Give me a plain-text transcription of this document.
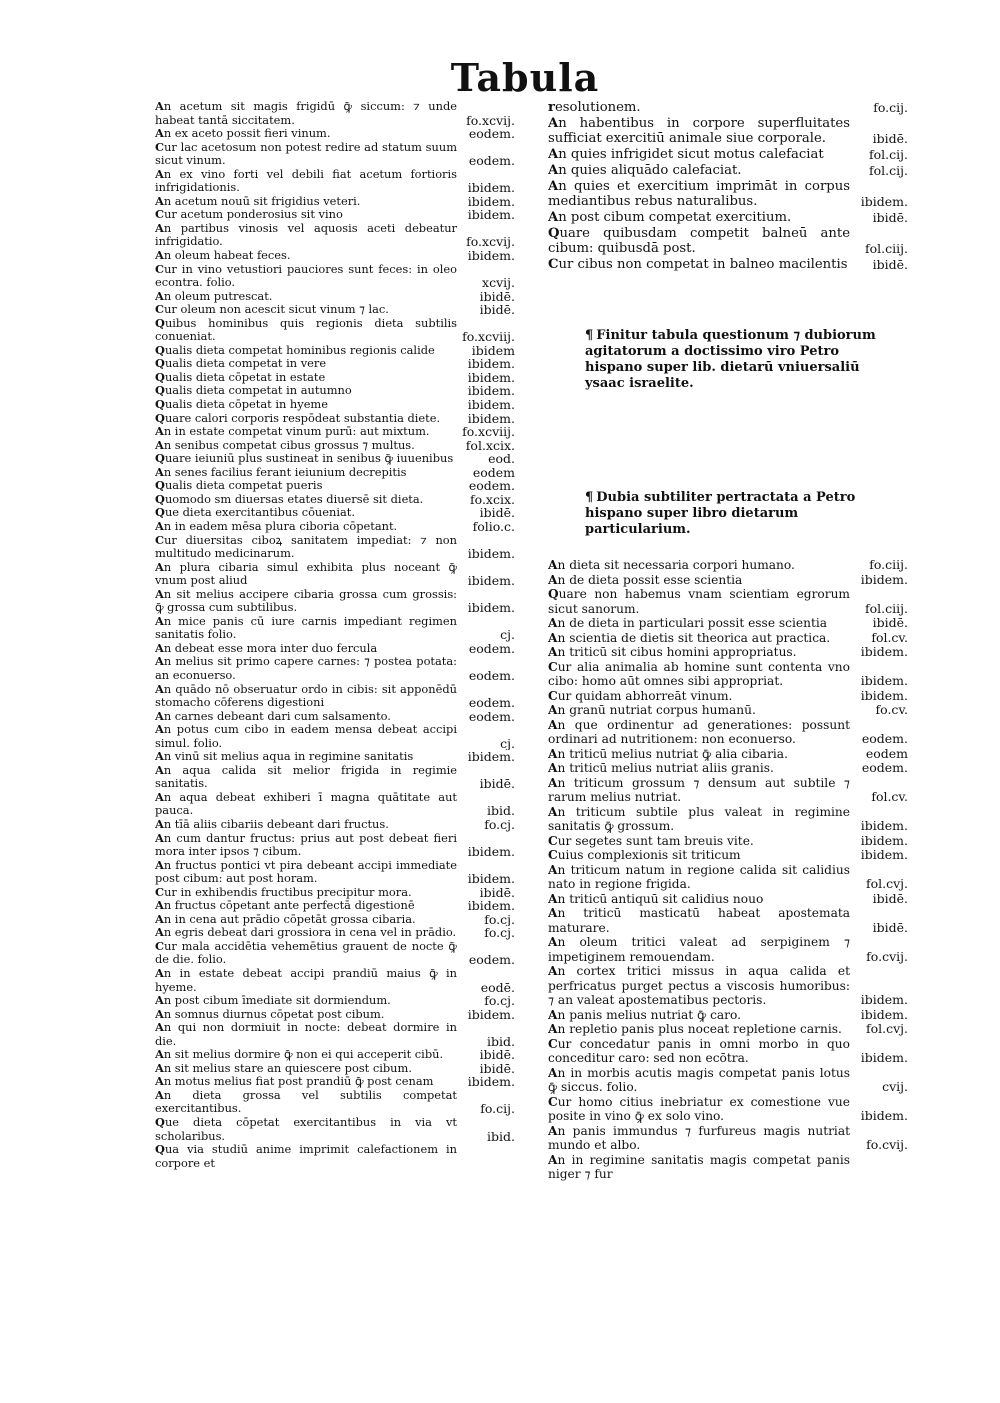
Tabula
An acetum sit magis frigidū ꝙ̄ siccum: ⁊ unde habeat tantā siccitatem.	fo.xcvij.
An ex aceto possit fieri vinum.	eodem.
Cur lac acetosum non potest redire ad statum suum sicut vinum.	eodem.
An ex vino forti vel debili fiat acetum fortioris infrigidationis.	ibidem.
An acetum nouū sit frigidius veteri.	ibidem.
Cur acetum ponderosius sit vino	ibidem.
An partibus vinosis vel aquosis aceti debeatur infrigidatio.	fo.xcvij.
An oleum habeat feces.	ibidem.
Cur in vino vetustiori pauciores sunt feces: in oleo econtra. folio.	xcvij.
An oleum putrescat.	ibidē.
Cur oleum non acescit sicut vinum ⁊ lac.	ibidē.
Quibus hominibus quis regionis dieta subtilis conueniat.	fo.xcviij.
Qualis dieta competat hominibus regionis calide	ibidem
Qualis dieta competat in vere	ibidem.
Qualis dieta cōpetat in estate	ibidem.
Qualis dieta competat in autumno	ibidem.
Qualis dieta cōpetat in hyeme	ibidem.
Quare calori corporis respōdeat substantia diete.	ibidem.
An in estate competat vinum purū: aut mixtum.	fo.xcviij.
An senibus competat cibus grossus ⁊ multus.	fol.xcix.
Quare ieiuniū plus sustineat in senibus ꝙ̄ iuuenibus	eod.
An senes facilius ferant ieiunium decrepitis	eodem
Qualis dieta competat pueris	eodem.
Quomodo sm diuersas etates diuersē sit dieta.	fo.xcix.
Que dieta exercitantibus cōueniat.	ibidē.
An in eadem mēsa plura ciboria cōpetant.	folio.c.
Cur diuersitas ciboꝝ sanitatem impediat: ⁊ non multitudo medicinarum.	ibidem.
An plura cibaria simul exhibita plus noceant ꝙ̄ vnum post aliud	ibidem.
An sit melius accipere cibaria grossa cum grossis: ꝙ̄ grossa cum subtilibus.	ibidem.
An mice panis cū iure carnis impediant regimen sanitatis folio.	cj.
An debeat esse mora inter duo fercula	eodem.
An melius sit primo capere carnes: ⁊ postea potata: an econuerso.	eodem.
An quādo nō obseruatur ordo in cibis: sit apponēdū stomacho cōferens digestioni	eodem.
An carnes debeant dari cum salsamento.	eodem.
An potus cum cibo in eadem mensa debeat accipi simul. folio.	cj.
An vinū sit melius aqua in regimine sanitatis	ibidem.
An aqua calida sit melior frigida in regimie sanitatis.	ibidē.
An aqua debeat exhiberi ī magna quātitate aut pauca.	ibid.
An tīā aliis cibariis debeant dari fructus.	fo.cj.
An cum dantur fructus: prius aut post debeat fieri mora inter ipsos ⁊ cibum.	ibidem.
An fructus pontici vt pira debeant accipi immediate post cibum: aut post horam.	ibidem.
Cur in exhibendis fructibus precipitur mora.	ibidē.
An fructus cōpetant ante perfectā digestionē	ibidem.
An in cena aut prādio cōpetāt grossa cibaria.	fo.cj.
An egris debeat dari grossiora in cena vel in prādio.	fo.cj.
Cur mala accidētia vehemētius grauent de nocte ꝙ̄ de die. folio.	eodem.
An in estate debeat accipi prandiū maius ꝙ̄ in hyeme.	eodē.
An post cibum īmediate sit dormiendum.	fo.cj.
An somnus diurnus cōpetat post cibum.	ibidem.
An qui non dormiuit in nocte: debeat dormire in die.	ibid.
An sit melius dormire ꝙ̄ non ei qui acceperit cibū.	ibidē.
An sit melius stare an quiescere post cibum.	ibidē.
An motus melius fiat post prandiū ꝙ̄ post cenam	ibidem.
An dieta grossa vel subtilis competat exercitantibus.	fo.cij.
Que dieta cōpetat exercitantibus in via vt scholaribus.	ibid.
Qua via studiū anime imprimit calefactionem in corpore et
resolutionem.	fo.cij.
An habentibus in corpore superfluitates sufficiat exercitiū animale siue corporale.	ibidē.
An quies infrigidet sicut motus calefaciat	fol.cij.
An quies aliquādo calefaciat.	fol.cij.
An quies et exercitium imprimāt in corpus mediantibus rebus naturalibus.	ibidem.
An post cibum competat exercitium.	ibidē.
Quare quibusdam competit balneū ante cibum: quibusdā post.	fol.ciij.
Cur cibus non competat in balneo macilentis	ibidē.
¶ Finitur tabula questionum ⁊ dubiorum agitatorum a doctissimo viro Petro hispano super lib. dietarū vniuersaliū ysaac israelite.
¶ Dubia subtiliter pertractata a Petro hispano super libro dietarum particularium.
An dieta sit necessaria corpori humano.	fo.ciij.
An de dieta possit esse scientia	ibidem.
Quare non habemus vnam scientiam egrorum sicut sanorum.	fol.ciij.
An de dieta in particulari possit esse scientia	ibidē.
An scientia de dietis sit theorica aut practica.	fol.cv.
An triticū sit cibus homini appropriatus.	ibidem.
Cur alia animalia ab homine sunt contenta vno cibo: homo aūt omnes sibi appropriat.	ibidem.
Cur quidam abhorreāt vinum.	ibidem.
An granū nutriat corpus humanū.	fo.cv.
An que ordinentur ad generationes: possunt ordinari ad nutritionem: non econuerso.	eodem.
An triticū melius nutriat ꝙ̄ alia cibaria.	eodem
An triticū melius nutriat aliis granis.	eodem.
An triticum grossum ⁊ densum aut subtile ⁊ rarum melius nutriat.	fol.cv.
An triticum subtile plus valeat in regimine sanitatis ꝙ̄ grossum.	ibidem.
Cur segetes sunt tam breuis vite.	ibidem.
Cuius complexionis sit triticum	ibidem.
An triticum natum in regione calida sit calidius nato in regione frigida.	fol.cvj.
An triticū antiquū sit calidius nouo	ibidē.
An triticū masticatū habeat apostemata maturare.	ibidē.
An oleum tritici valeat ad serpiginem ⁊ impetiginem remouendam.	fo.cvij.
An cortex tritici missus in aqua calida et perfricatus purget pectus a viscosis humoribus: ⁊ an valeat apostematibus pectoris.	ibidem.
An panis melius nutriat ꝙ̄ caro.	ibidem.
An repletio panis plus noceat repletione carnis.	fol.cvj.
Cur concedatur panis in omni morbo in quo conceditur caro: sed non ecōtra.	ibidem.
An in morbis acutis magis competat panis lotus ꝙ̄ siccus. folio.	cvij.
Cur homo citius inebriatur ex comestione vue posite in vino ꝙ̄ ex solo vino.	ibidem.
An panis immundus ⁊ furfureus magis nutriat mundo et albo.	fo.cvij.
An in regimine sanitatis magis competat panis niger ⁊ fur
